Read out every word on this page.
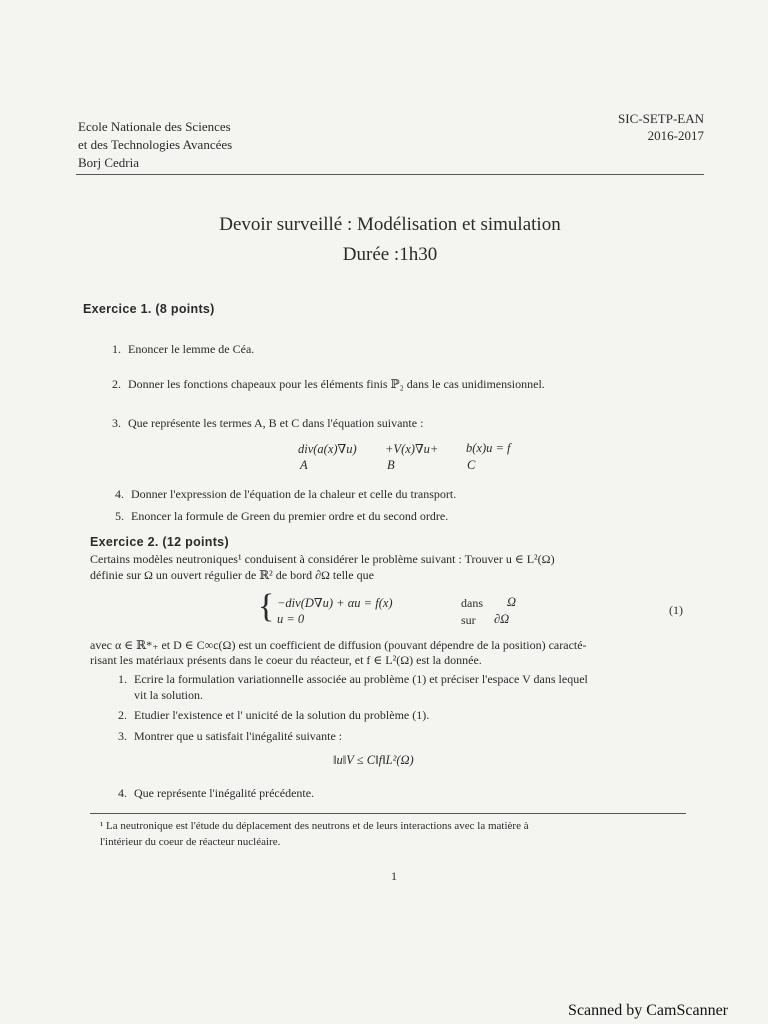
Ecole Nationale des Sciences
et des Technologies Avancées
Borj Cedria
SIC-SETP-EAN
2016-2017
Devoir surveillé : Modélisation et simulation
Durée :1h30
Exercice 1. (8 points)
1. Enoncer le lemme de Céa.
2. Donner les fonctions chapeaux pour les éléments finis ℙ₂ dans le cas unidimensionnel.
3. Que représente les termes A, B et C dans l'équation suivante :
div(a(x)∇u) +V(x)∇u+ b(x)u = f
A	B	C
4. Donner l'expression de l'équation de la chaleur et celle du transport.
5. Enoncer la formule de Green du premier ordre et du second ordre.
Exercice 2. (12 points)
Certains modèles neutroniques¹ conduisent à considérer le problème suivant : Trouver u ∈ L²(Ω)
définie sur Ω un ouvert régulier de ℝ² de bord ∂Ω telle que
{ −div(D∇u) + αu = f(x)	dans Ω
u = 0	sur ∂Ω
(1)
avec α ∈ ℝ*₊ et D ∈ C∞c(Ω) est un coefficient de diffusion (pouvant dépendre de la position) caracté-
risant les matériaux présents dans le coeur du réacteur, et f ∈ L²(Ω) est la donnée.
1. Ecrire la formulation variationnelle associée au problème (1) et préciser l'espace V dans lequel
vit la solution.
2. Etudier l'existence et l' unicité de la solution du problème (1).
3. Montrer que u satisfait l'inégalité suivante :
‖u‖V ≤ C‖f‖L²(Ω)
4. Que représente l'inégalité précédente.
¹ La neutronique est l'étude du déplacement des neutrons et de leurs interactions avec la matière à
l'intérieur du coeur de réacteur nucléaire.
1
Scanned by CamScanner
